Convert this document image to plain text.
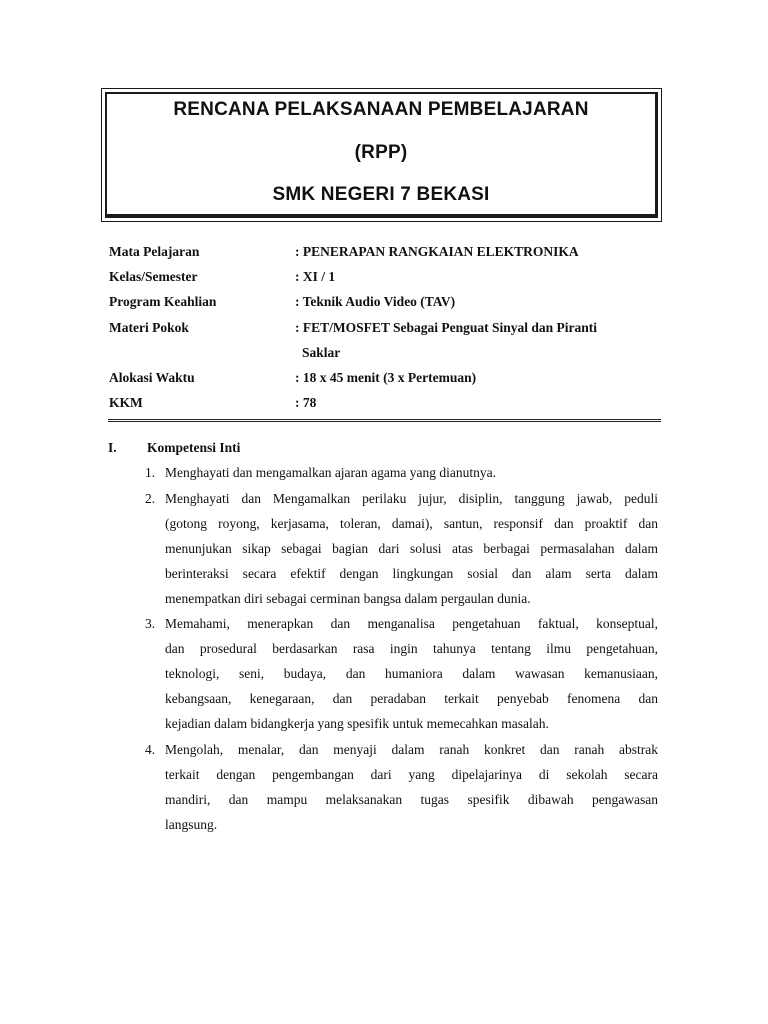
RENCANA PELAKSANAAN PEMBELAJARAN
(RPP)
SMK NEGERI 7 BEKASI
Mata Pelajaran	: PENERAPAN RANGKAIAN ELEKTRONIKA
Kelas/Semester	: XI / 1
Program Keahlian	: Teknik Audio Video (TAV)
Materi Pokok	: FET/MOSFET Sebagai Penguat Sinyal dan Piranti
Saklar
Alokasi Waktu	: 18 x 45 menit (3 x Pertemuan)
KKM	: 78
I. Kompetensi Inti
1. Menghayati dan mengamalkan ajaran agama yang dianutnya.
2. Menghayati dan Mengamalkan perilaku jujur, disiplin, tanggung jawab, peduli
(gotong royong, kerjasama, toleran, damai), santun, responsif dan proaktif dan
menunjukan sikap sebagai bagian dari solusi atas berbagai permasalahan dalam
berinteraksi secara efektif dengan lingkungan sosial dan alam serta dalam
menempatkan diri sebagai cerminan bangsa dalam pergaulan dunia.
3. Memahami, menerapkan dan menganalisa pengetahuan faktual, konseptual,
dan prosedural berdasarkan rasa ingin tahunya tentang ilmu pengetahuan,
teknologi, seni, budaya, dan humaniora dalam wawasan kemanusiaan,
kebangsaan, kenegaraan, dan peradaban terkait penyebab fenomena dan
kejadian dalam bidangkerja yang spesifik untuk memecahkan masalah.
4. Mengolah, menalar, dan menyaji dalam ranah konkret dan ranah abstrak
terkait dengan pengembangan dari yang dipelajarinya di sekolah secara
mandiri, dan mampu melaksanakan tugas spesifik dibawah pengawasan
langsung.
